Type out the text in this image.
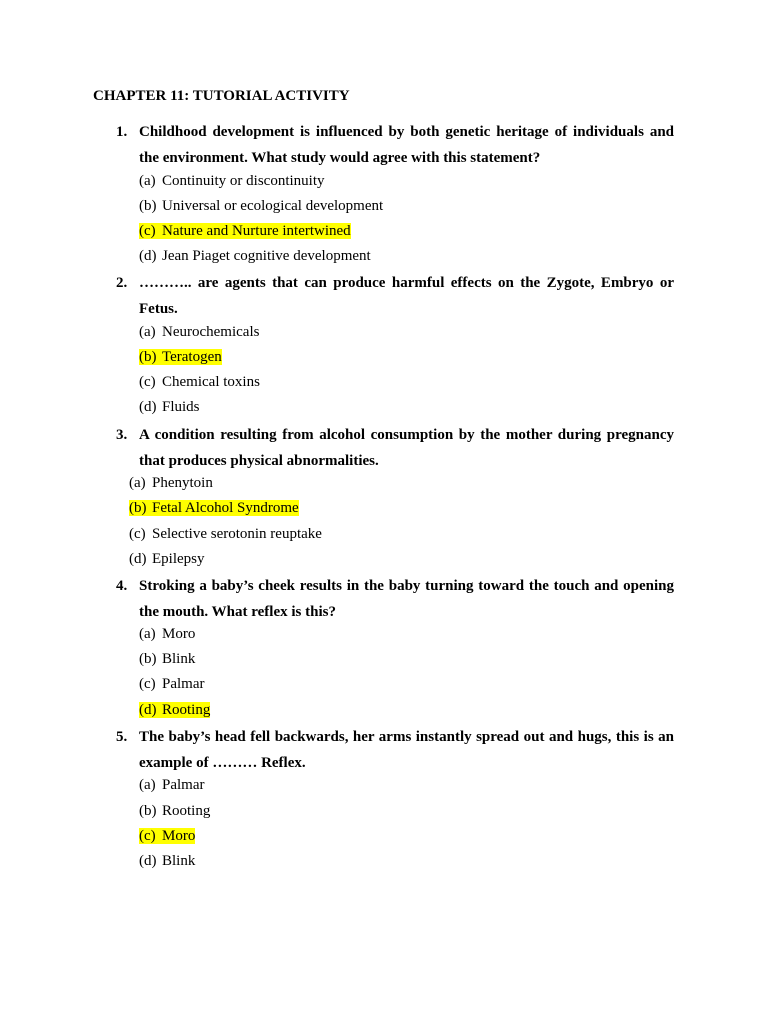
CHAPTER 11: TUTORIAL ACTIVITY
1. Childhood development is influenced by both genetic heritage of individuals and the environment. What study would agree with this statement?
(a) Continuity or discontinuity
(b) Universal or ecological development
(c) Nature and Nurture intertwined
(d) Jean Piaget cognitive development
2. ……….. are agents that can produce harmful effects on the Zygote, Embryo or Fetus.
(a) Neurochemicals
(b) Teratogen
(c) Chemical toxins
(d) Fluids
3. A condition resulting from alcohol consumption by the mother during pregnancy that produces physical abnormalities.
(a) Phenytoin
(b) Fetal Alcohol Syndrome
(c) Selective serotonin reuptake
(d) Epilepsy
4. Stroking a baby’s cheek results in the baby turning toward the touch and opening the mouth. What reflex is this?
(a) Moro
(b) Blink
(c) Palmar
(d) Rooting
5. The baby’s head fell backwards, her arms instantly spread out and hugs, this is an example of ……… Reflex.
(a) Palmar
(b) Rooting
(c) Moro
(d) Blink
